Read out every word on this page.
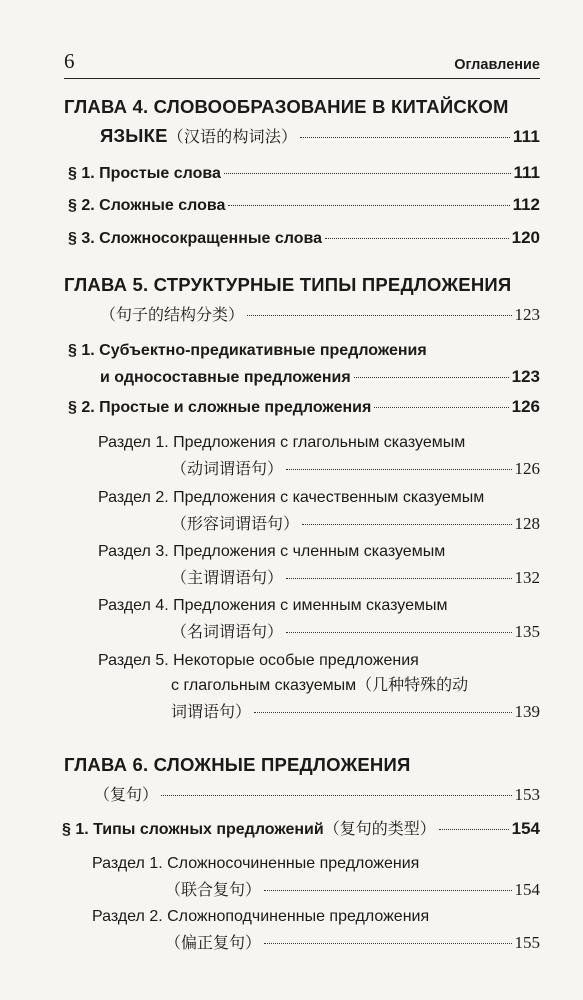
6	Оглавление
ГЛАВА 4. СЛОВООБРАЗОВАНИЕ В КИТАЙСКОМ
ЯЗЫКЕ （汉语的构词法）	111
§ 1. Простые слова	111
§ 2. Сложные слова	112
§ 3. Сложносокращенные слова	120
ГЛАВА 5. СТРУКТУРНЫЕ ТИПЫ ПРЕДЛОЖЕНИЯ
（句子的结构分类）	123
§ 1. Субъектно-предикативные предложения
и односоставные предложения	123
§ 2. Простые и сложные предложения	126
Раздел 1. Предложения с глагольным сказуемым
（动词谓语句）	126
Раздел 2. Предложения с качественным сказуемым
（形容词谓语句）	128
Раздел 3. Предложения с членным сказуемым
（主谓谓语句）	132
Раздел 4. Предложения с именным сказуемым
（名词谓语句）	135
Раздел 5. Некоторые особые предложения
с глагольным сказуемым（几种特殊的动
词谓语句）	139
ГЛАВА 6. СЛОЖНЫЕ ПРЕДЛОЖЕНИЯ
（复句）	153
§ 1. Типы сложных предложений （复句的类型）	154
Раздел 1. Сложносочиненные предложения
（联合复句）	154
Раздел 2. Сложноподчиненные предложения
（偏正复句）	155
